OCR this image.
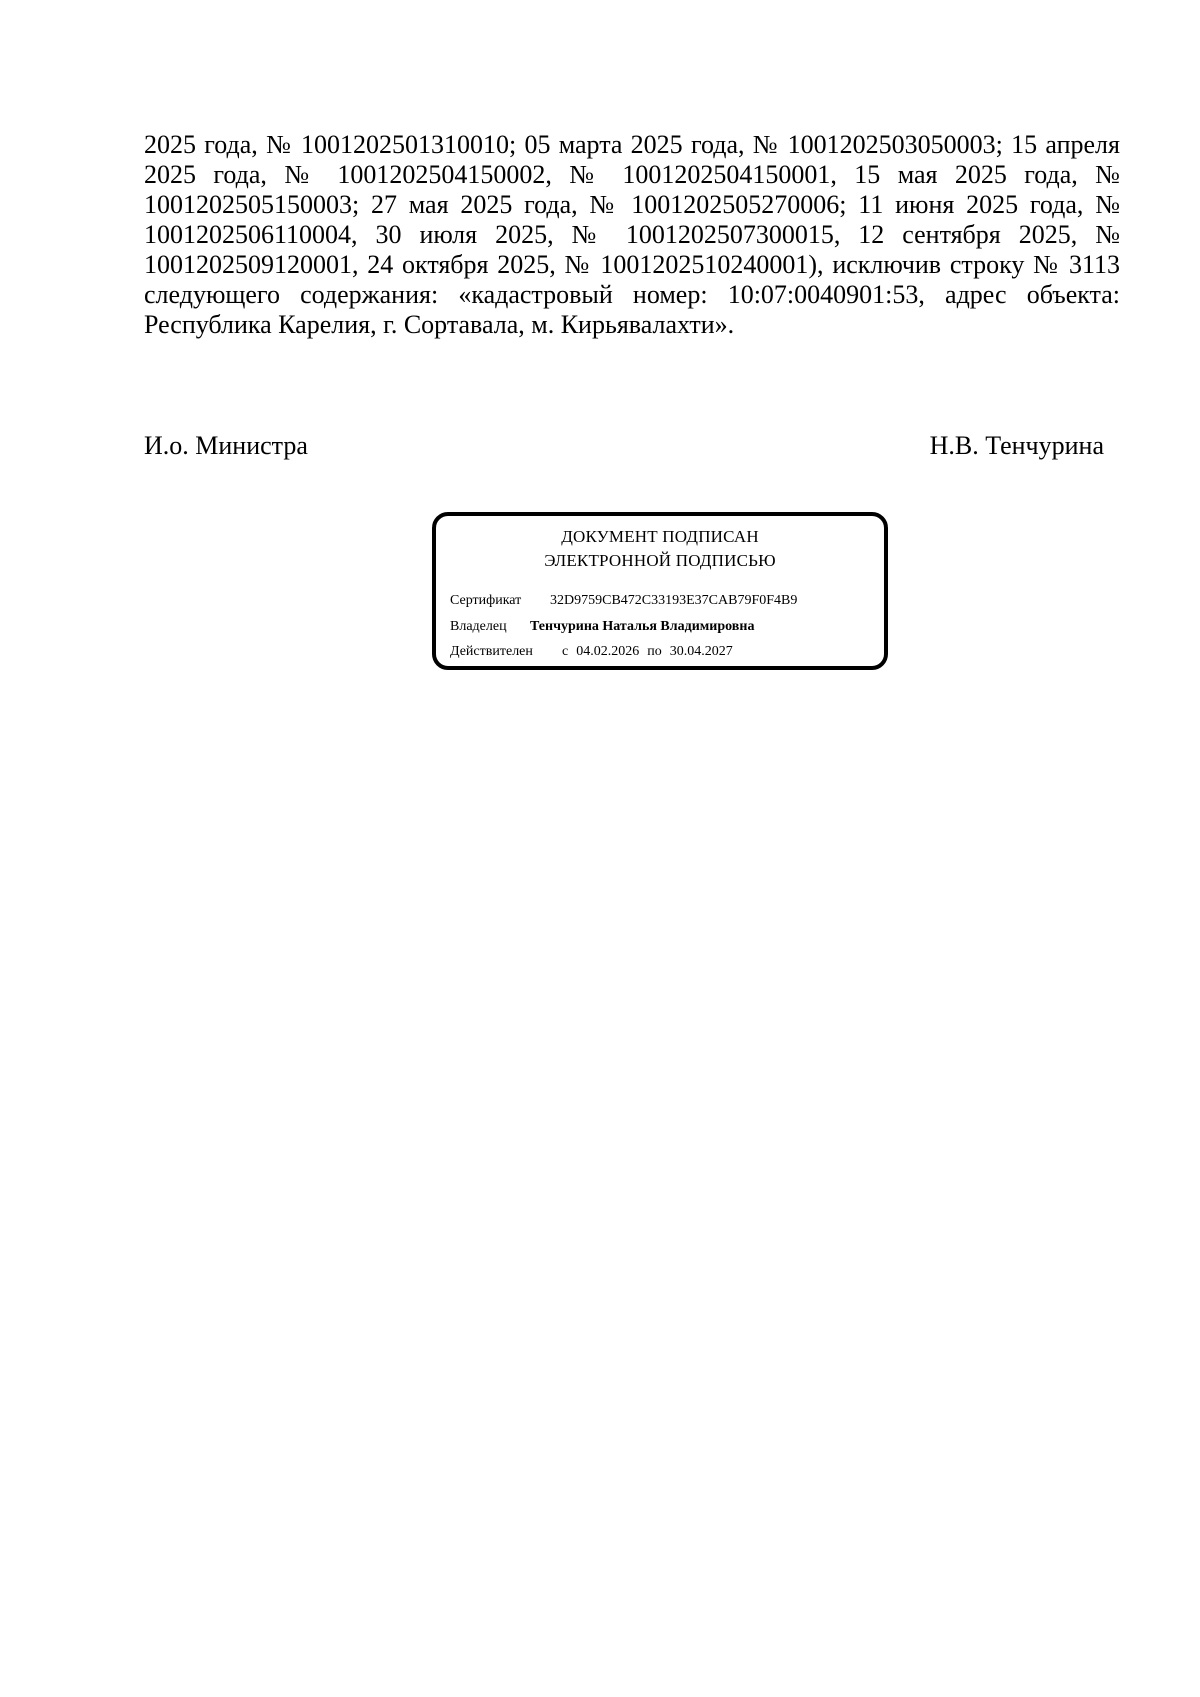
2025 года, № 1001202501310010; 05 марта 2025 года, № 1001202503050003; 15 апреля 2025 года, № 1001202504150002, № 1001202504150001, 15 мая 2025 года, № 1001202505150003; 27 мая 2025 года, № 1001202505270006; 11 июня 2025 года, № 1001202506110004, 30 июля 2025, № 1001202507300015, 12 сентября 2025, № 1001202509120001, 24 октября 2025, № 1001202510240001), исключив строку № 3113 следующего содержания: «кадастровый номер: 10:07:0040901:53, адрес объекта: Республика Карелия, г. Сортавала, м. Кирьявалахти».

И.о. Министра	Н.В. Тенчурина
ДОКУМЕНТ ПОДПИСАН
ЭЛЕКТРОННОЙ ПОДПИСЬЮ
Сертификат 32D9759CB472C33193E37CAB79F0F4B9
Владелец Тенчурина Наталья Владимировна
Действителен с 04.02.2026 по 30.04.2027
